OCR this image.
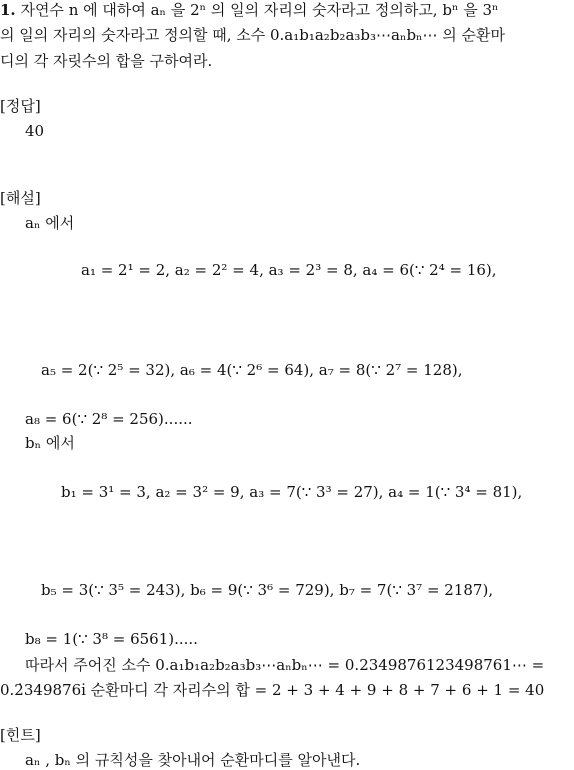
1. 자연수 n 에 대하여 aₙ 을 2ⁿ 의 일의 자리의 숫자라고 정의하고, bⁿ 을 3ⁿ
의 일의 자리의 숫자라고 정의할 때, 소수 0.a₁b₁a₂b₂a₃b₃⋯aₙbₙ⋯ 의 순환마
디의 각 자릿수의 합을 구하여라.
[정답]
40
[해설]
aₙ 에서
a₁ = 2¹ = 2, a₂ = 2² = 4, a₃ = 2³ = 8, a₄ = 6(∵ 2⁴ = 16),
a₅ = 2(∵ 2⁵ = 32), a₆ = 4(∵ 2⁶ = 64), a₇ = 8(∵ 2⁷ = 128),
a₈ = 6(∵ 2⁸ = 256)......
bₙ 에서
b₁ = 3¹ = 3, a₂ = 3² = 9, a₃ = 7(∵ 3³ = 27), a₄ = 1(∵ 3⁴ = 81),
b₅ = 3(∵ 3⁵ = 243), b₆ = 9(∵ 3⁶ = 729), b₇ = 7(∵ 3⁷ = 2187),
b₈ = 1(∵ 3⁸ = 6561).....
따라서 주어진 소수 0.a₁b₁a₂b₂a₃b₃⋯aₙbₙ⋯ = 0.2349876123498761⋯ =
0.2̇349876i̇ 순환마디 각 자리수의 합 = 2 + 3 + 4 + 9 + 8 + 7 + 6 + 1 = 40
[힌트]
aₙ , bₙ 의 규칙성을 찾아내어 순환마디를 알아낸다.
